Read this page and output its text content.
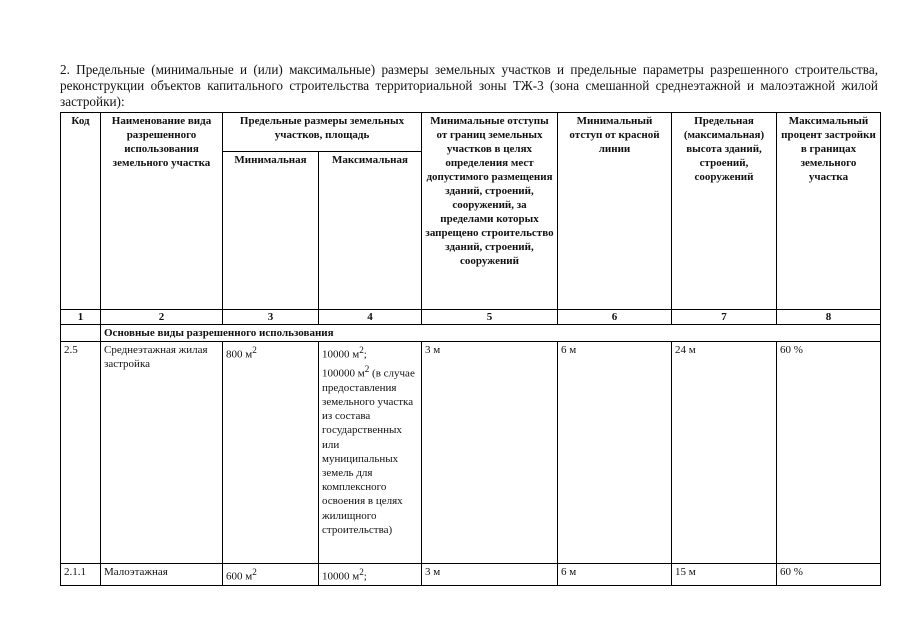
2. Предельные (минимальные и (или) максимальные) размеры земельных участков и предельные параметры разрешенного строительства, реконструкции объектов капитального строительства территориальной зоны ТЖ-3 (зона смешанной среднеэтажной и малоэтажной жилой застройки):
Код	Наименование вида разрешенного использования земельного участка	Предельные размеры земельных участков, площадь		Минимальные отступы от границ земельных участков в целях определения мест допустимого размещения зданий, строений, сооружений, за пределами которых запрещено строительство зданий, строений, сооружений	Минимальный отступ от красной линии	Предельная (максимальная) высота зданий, строений, сооружений	Максимальный процент застройки в границах земельного участка
		Минимальная	Максимальная				
1	2	3	4	5	6	7	8
	Основные виды разрешенного использования						
2.5	Среднеэтажная жилая застройка	800 $м^2$	10000 $м^2$;
100000 $м^2$ (в случае предоставления земельного участка из состава государственных или муниципальных земель для комплексного освоения в целях жилищного строительства)	3 м	6 м	24 м	60 %
2.1.1	Малоэтажная	600 $м^2$	10000 $м^2$;	3 м	6 м	15 м	60 %
